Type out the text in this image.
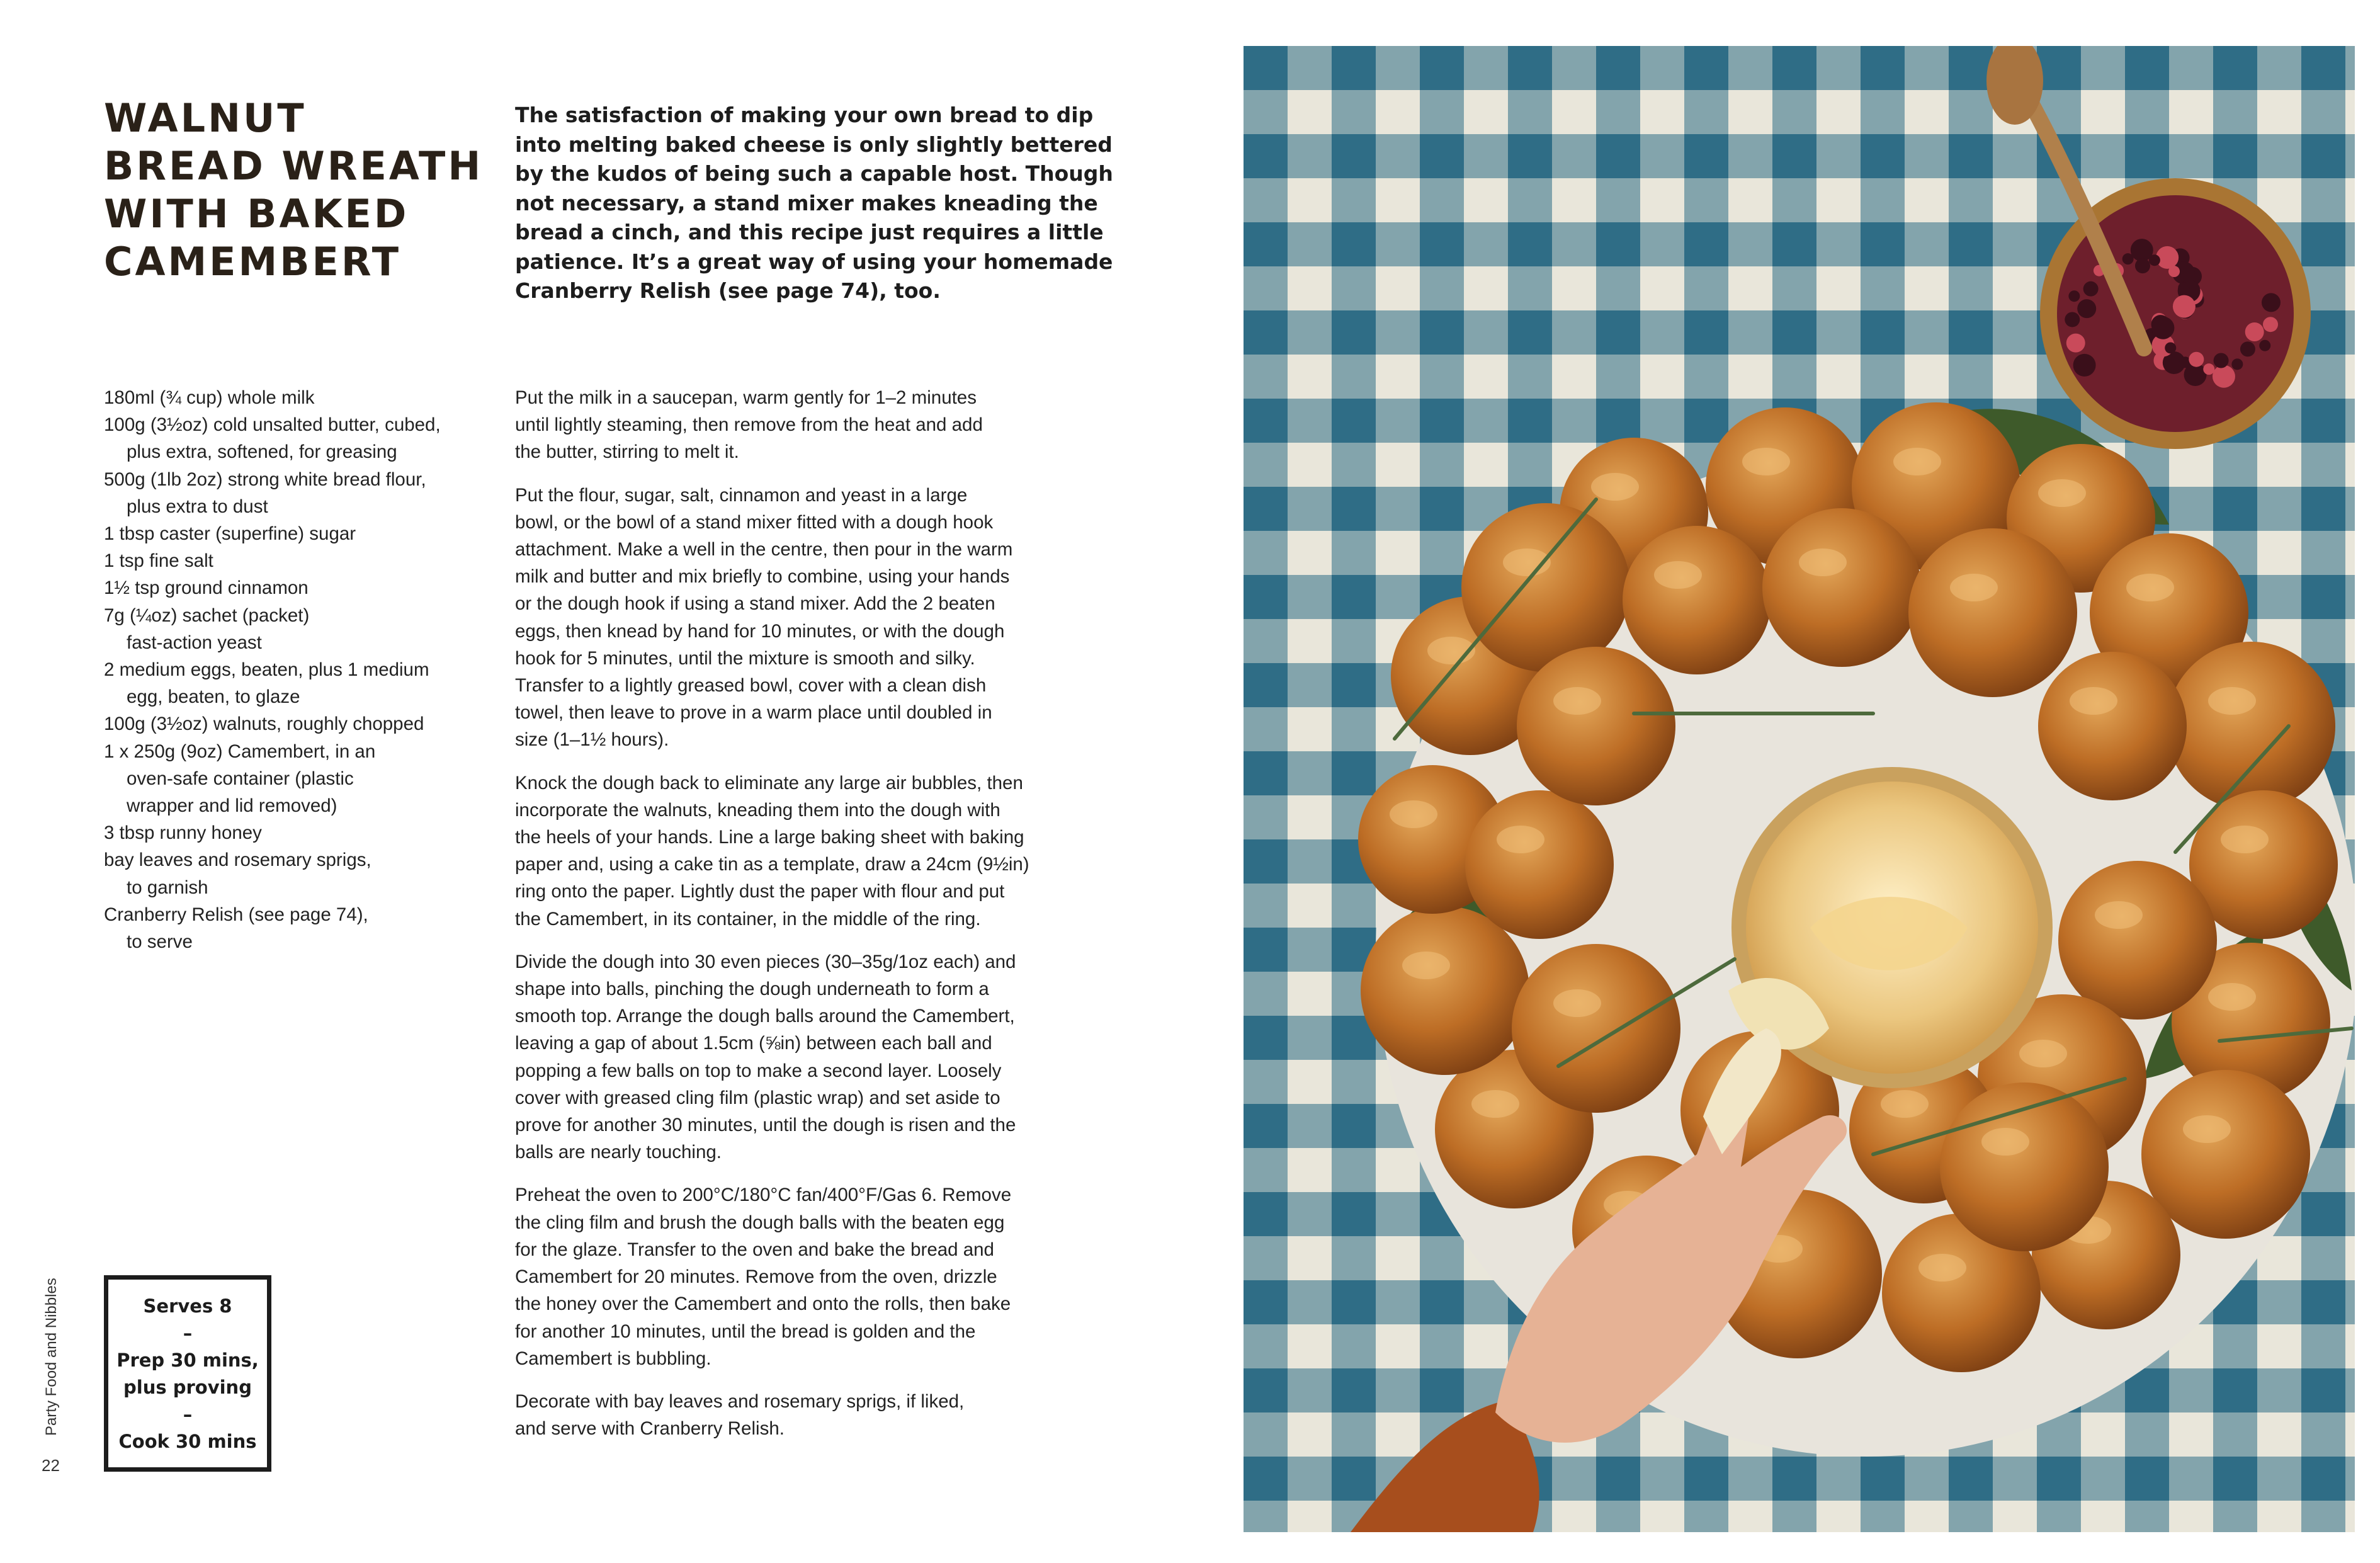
WALNUT
BREAD WREATH
WITH BAKED
CAMEMBERT
The satisfaction of making your own bread to dip
into melting baked cheese is only slightly bettered
by the kudos of being such a capable host. Though
not necessary, a stand mixer makes kneading the
bread a cinch, and this recipe just requires a little
patience. It’s a great way of using your homemade
Cranberry Relish (see page 74), too.
180ml (¾ cup) whole milk
100g (3½oz) cold unsalted butter, cubed,
plus extra, softened, for greasing
500g (1lb 2oz) strong white bread flour,
plus extra to dust
1 tbsp caster (superfine) sugar
1 tsp fine salt
1½ tsp ground cinnamon
7g (¼oz) sachet (packet)
fast-action yeast
2 medium eggs, beaten, plus 1 medium
egg, beaten, to glaze
100g (3½oz) walnuts, roughly chopped
1 x 250g (9oz) Camembert, in an
oven-safe container (plastic
wrapper and lid removed)
3 tbsp runny honey
bay leaves and rosemary sprigs,
to garnish
Cranberry Relish (see page 74),
to serve

Put the milk in a saucepan, warm gently for 1–2 minutes
until lightly steaming, then remove from the heat and add
the butter, stirring to melt it.

Put the flour, sugar, salt, cinnamon and yeast in a large
bowl, or the bowl of a stand mixer fitted with a dough hook
attachment. Make a well in the centre, then pour in the warm
milk and butter and mix briefly to combine, using your hands
or the dough hook if using a stand mixer. Add the 2 beaten
eggs, then knead by hand for 10 minutes, or with the dough
hook for 5 minutes, until the mixture is smooth and silky.
Transfer to a lightly greased bowl, cover with a clean dish
towel, then leave to prove in a warm place until doubled in
size (1–1½ hours).

Knock the dough back to eliminate any large air bubbles, then
incorporate the walnuts, kneading them into the dough with
the heels of your hands. Line a large baking sheet with baking
paper and, using a cake tin as a template, draw a 24cm (9½in)
ring onto the paper. Lightly dust the paper with flour and put
the Camembert, in its container, in the middle of the ring.

Divide the dough into 30 even pieces (30–35g/1oz each) and
shape into balls, pinching the dough underneath to form a
smooth top. Arrange the dough balls around the Camembert,
leaving a gap of about 1.5cm (⅝in) between each ball and
popping a few balls on top to make a second layer. Loosely
cover with greased cling film (plastic wrap) and set aside to
prove for another 30 minutes, until the dough is risen and the
balls are nearly touching.

Preheat the oven to 200°C/180°C fan/400°F/Gas 6. Remove
the cling film and brush the dough balls with the beaten egg
for the glaze. Transfer to the oven and bake the bread and
Camembert for 20 minutes. Remove from the oven, drizzle
the honey over the Camembert and onto the rolls, then bake
for another 10 minutes, until the bread is golden and the
Camembert is bubbling.

Decorate with bay leaves and rosemary sprigs, if liked,
and serve with Cranberry Relish.

Serves 8
–
Prep 30 mins,
plus proving
–
Cook 30 mins
Party Food and Nibbles
22
